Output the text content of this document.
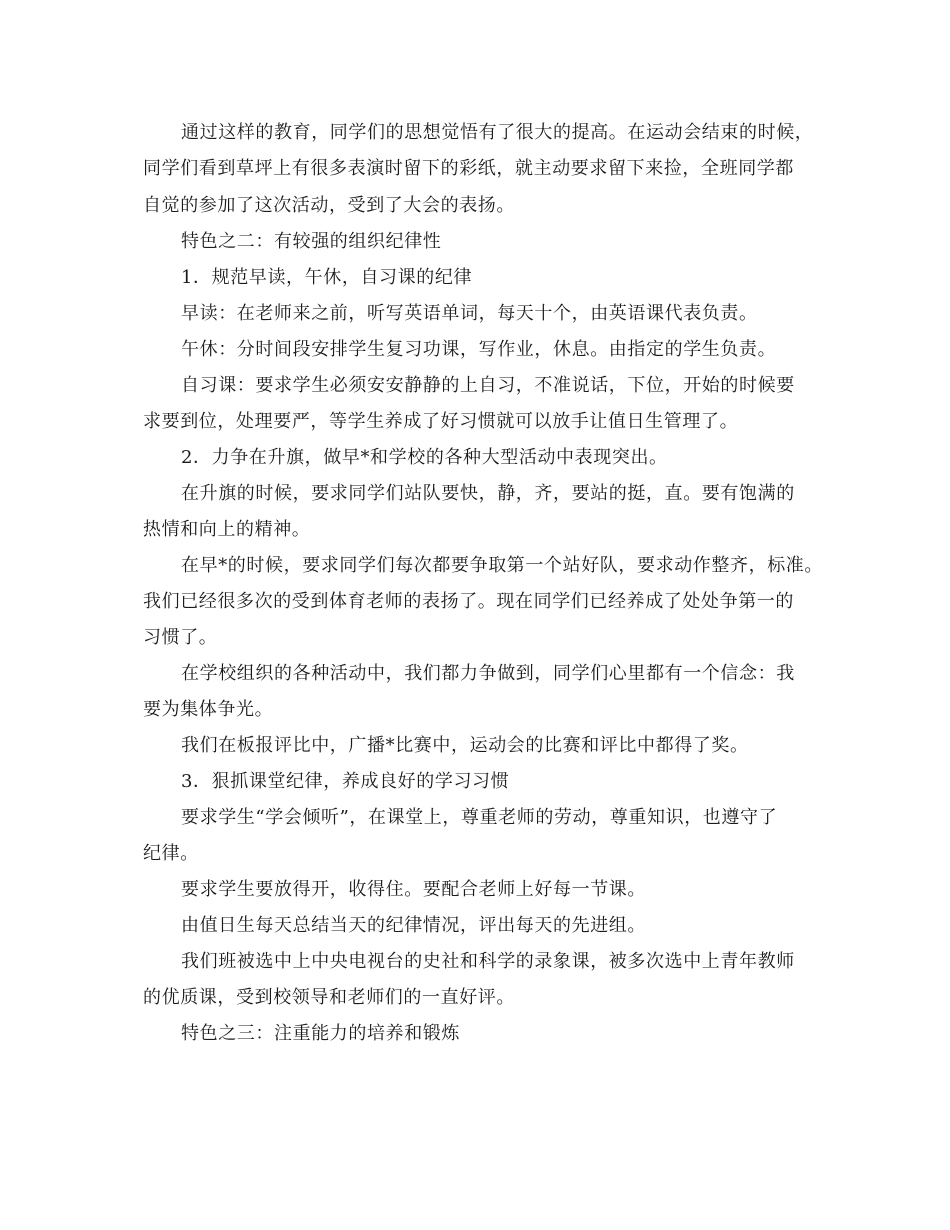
通过这样的教育，同学们的思想觉悟有了很大的提高。在运动会结束的时候，
同学们看到草坪上有很多表演时留下的彩纸，就主动要求留下来捡，全班同学都
自觉的参加了这次活动，受到了大会的表扬。
特色之二：有较强的组织纪律性
1．规范早读，午休，自习课的纪律
早读：在老师来之前，听写英语单词，每天十个，由英语课代表负责。
午休：分时间段安排学生复习功课，写作业，休息。由指定的学生负责。
自习课：要求学生必须安安静静的上自习，不准说话，下位，开始的时候要
求要到位，处理要严，等学生养成了好习惯就可以放手让值日生管理了。
2．力争在升旗，做早*和学校的各种大型活动中表现突出。
在升旗的时候，要求同学们站队要快，静，齐，要站的挺，直。要有饱满的
热情和向上的精神。
在早*的时候，要求同学们每次都要争取第一个站好队，要求动作整齐，标准。
我们已经很多次的受到体育老师的表扬了。现在同学们已经养成了处处争第一的
习惯了。
在学校组织的各种活动中，我们都力争做到，同学们心里都有一个信念：我
要为集体争光。
我们在板报评比中，广播*比赛中，运动会的比赛和评比中都得了奖。
3．狠抓课堂纪律，养成良好的学习习惯
要求学生“学会倾听”，在课堂上，尊重老师的劳动，尊重知识，也遵守了
纪律。
要求学生要放得开，收得住。要配合老师上好每一节课。
由值日生每天总结当天的纪律情况，评出每天的先进组。
我们班被选中上中央电视台的史社和科学的录象课，被多次选中上青年教师
的优质课，受到校领导和老师们的一直好评。
特色之三：注重能力的培养和锻炼
